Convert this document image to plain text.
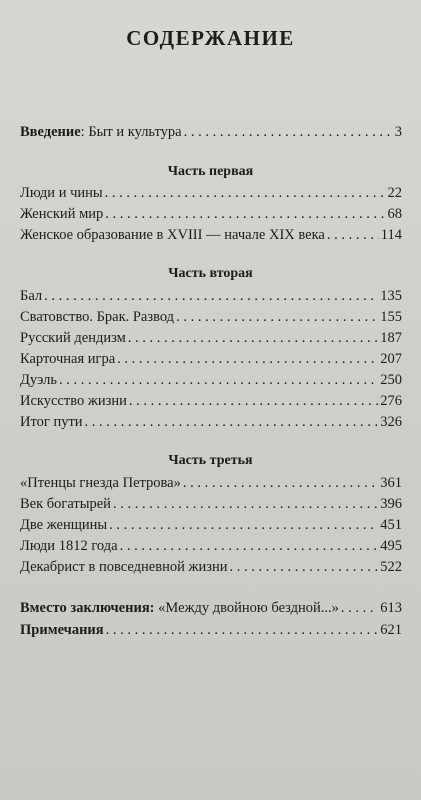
СОДЕРЖАНИЕ
Введение: Быт и культура . . .	3
Часть первая
Люди и чины . . .	22
Женский мир . . .	68
Женское образование в XVIII — начале XIX века . . .	114
Часть вторая
Бал . . .	135
Сватовство. Брак. Развод . . .	155
Русский дендизм . . .	187
Карточная игра . . .	207
Дуэль . . .	250
Искусство жизни . . .	276
Итог пути . . .	326
Часть третья
«Птенцы гнезда Петрова» . . .	361
Век богатырей . . .	396
Две женщины . . .	451
Люди 1812 года . . .	495
Декабрист в повседневной жизни . . .	522
Вместо заключения: «Между двойною бездной...» . . .	613
Примечания . . .	621
